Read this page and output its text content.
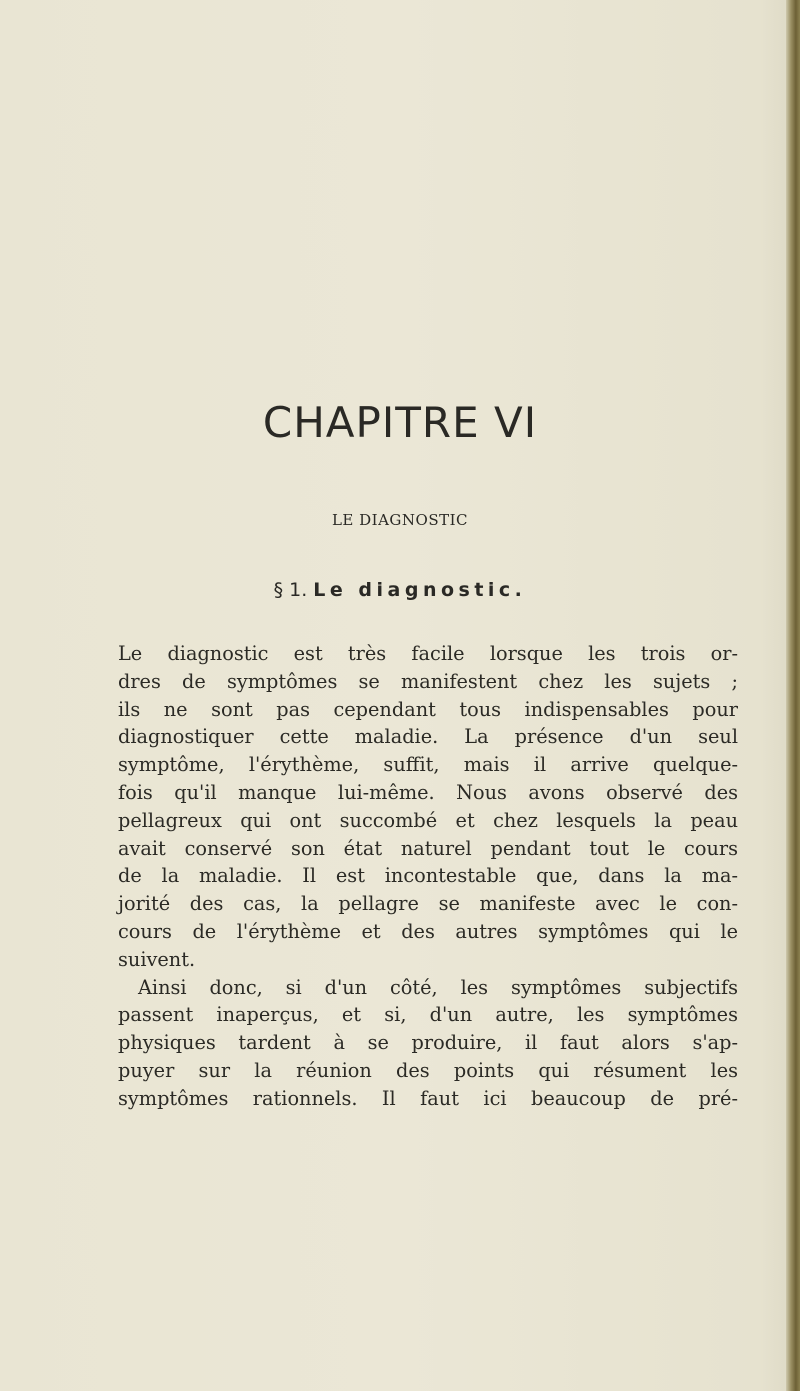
CHAPITRE VI
LE DIAGNOSTIC
§ 1. Le diagnostic.
Le diagnostic est très facile lorsque les trois or-
dres de symptômes se manifestent chez les sujets ;
ils ne sont pas cependant tous indispensables pour
diagnostiquer cette maladie. La présence d'un seul
symptôme, l'érythème, suffit, mais il arrive quelque-
fois qu'il manque lui-même. Nous avons observé des
pellagreux qui ont succombé et chez lesquels la peau
avait conservé son état naturel pendant tout le cours
de la maladie. Il est incontestable que, dans la ma-
jorité des cas, la pellagre se manifeste avec le con-
cours de l'érythème et des autres symptômes qui le
suivent.
Ainsi donc, si d'un côté, les symptômes subjectifs
passent inaperçus, et si, d'un autre, les symptômes
physiques tardent à se produire, il faut alors s'ap-
puyer sur la réunion des points qui résument les
symptômes rationnels. Il faut ici beaucoup de pré-
